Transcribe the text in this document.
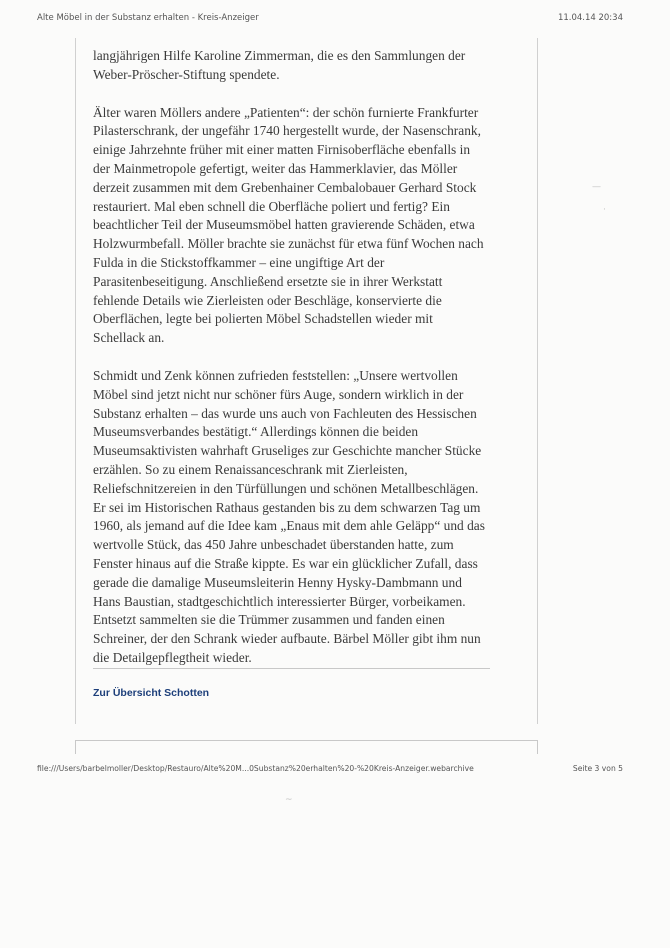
Alte Möbel in der Substanz erhalten - Kreis-Anzeiger	11.04.14 20:34

langjährigen Hilfe Karoline Zimmerman, die es den Sammlungen der
Weber-Pröscher-Stiftung spendete.

Älter waren Möllers andere „Patienten“: der schön furnierte Frankfurter
Pilasterschrank, der ungefähr 1740 hergestellt wurde, der Nasenschrank,
einige Jahrzehnte früher mit einer matten Firnisoberfläche ebenfalls in
der Mainmetropole gefertigt, weiter das Hammerklavier, das Möller
derzeit zusammen mit dem Grebenhainer Cembalobauer Gerhard Stock
restauriert. Mal eben schnell die Oberfläche poliert und fertig? Ein
beachtlicher Teil der Museumsmöbel hatten gravierende Schäden, etwa
Holzwurmbefall. Möller brachte sie zunächst für etwa fünf Wochen nach
Fulda in die Stickstoffkammer – eine ungiftige Art der
Parasitenbeseitigung. Anschließend ersetzte sie in ihrer Werkstatt
fehlende Details wie Zierleisten oder Beschläge, konservierte die
Oberflächen, legte bei polierten Möbel Schadstellen wieder mit
Schellack an.

Schmidt und Zenk können zufrieden feststellen: „Unsere wertvollen
Möbel sind jetzt nicht nur schöner fürs Auge, sondern wirklich in der
Substanz erhalten – das wurde uns auch von Fachleuten des Hessischen
Museumsverbandes bestätigt.“ Allerdings können die beiden
Museumsaktivisten wahrhaft Gruseliges zur Geschichte mancher Stücke
erzählen. So zu einem Renaissanceschrank mit Zierleisten,
Reliefschnitzereien in den Türfüllungen und schönen Metallbeschlägen.
Er sei im Historischen Rathaus gestanden bis zu dem schwarzen Tag um
1960, als jemand auf die Idee kam „Enaus mit dem ahle Geläpp“ und das
wertvolle Stück, das 450 Jahre unbeschadet überstanden hatte, zum
Fenster hinaus auf die Straße kippte. Es war ein glücklicher Zufall, dass
gerade die damalige Museumsleiterin Henny Hysky-Dambmann und
Hans Baustian, stadtgeschichtlich interessierter Bürger, vorbeikamen.
Entsetzt sammelten sie die Trümmer zusammen und fanden einen
Schreiner, der den Schrank wieder aufbaute. Bärbel Möller gibt ihm nun
die Detailgepflegtheit wieder.

Zur Übersicht Schotten
file:///Users/barbelmoller/Desktop/Restauro/Alte%20M...0Substanz%20erhalten%20-%20Kreis-Anzeiger.webarchive	Seite 3 von 5
—
·
~
